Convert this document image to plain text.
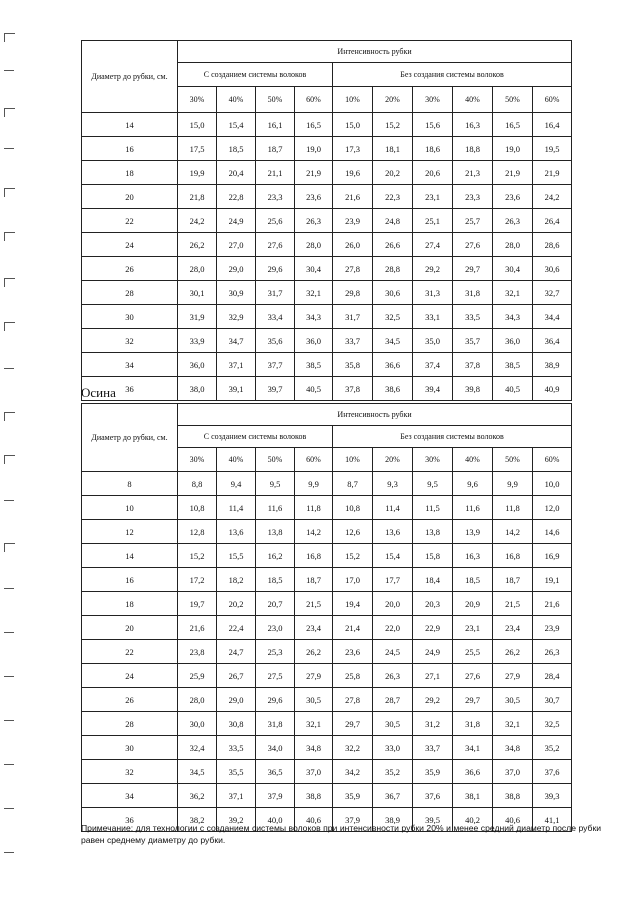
Диаметр до рубки, см.	Интенсивность рубки									
	С созданием системы волоков				Без создания системы волоков					
	30%	40%	50%	60%	10%	20%	30%	40%	50%	60%
14	15,0	15,4	16,1	16,5	15,0	15,2	15,6	16,3	16,5	16,4
16	17,5	18,5	18,7	19,0	17,3	18,1	18,6	18,8	19,0	19,5
18	19,9	20,4	21,1	21,9	19,6	20,2	20,6	21,3	21,9	21,9
20	21,8	22,8	23,3	23,6	21,6	22,3	23,1	23,3	23,6	24,2
22	24,2	24,9	25,6	26,3	23,9	24,8	25,1	25,7	26,3	26,4
24	26,2	27,0	27,6	28,0	26,0	26,6	27,4	27,6	28,0	28,6
26	28,0	29,0	29,6	30,4	27,8	28,8	29,2	29,7	30,4	30,6
28	30,1	30,9	31,7	32,1	29,8	30,6	31,3	31,8	32,1	32,7
30	31,9	32,9	33,4	34,3	31,7	32,5	33,1	33,5	34,3	34,4
32	33,9	34,7	35,6	36,0	33,7	34,5	35,0	35,7	36,0	36,4
34	36,0	37,1	37,7	38,5	35,8	36,6	37,4	37,8	38,5	38,9
36	38,0	39,1	39,7	40,5	37,8	38,6	39,4	39,8	40,5	40,9
Осина
Диаметр до рубки, см.	Интенсивность рубки									
	С созданием системы волоков				Без создания системы волоков					
	30%	40%	50%	60%	10%	20%	30%	40%	50%	60%
8	8,8	9,4	9,5	9,9	8,7	9,3	9,5	9,6	9,9	10,0
10	10,8	11,4	11,6	11,8	10,8	11,4	11,5	11,6	11,8	12,0
12	12,8	13,6	13,8	14,2	12,6	13,6	13,8	13,9	14,2	14,6
14	15,2	15,5	16,2	16,8	15,2	15,4	15,8	16,3	16,8	16,9
16	17,2	18,2	18,5	18,7	17,0	17,7	18,4	18,5	18,7	19,1
18	19,7	20,2	20,7	21,5	19,4	20,0	20,3	20,9	21,5	21,6
20	21,6	22,4	23,0	23,4	21,4	22,0	22,9	23,1	23,4	23,9
22	23,8	24,7	25,3	26,2	23,6	24,5	24,9	25,5	26,2	26,3
24	25,9	26,7	27,5	27,9	25,8	26,3	27,1	27,6	27,9	28,4
26	28,0	29,0	29,6	30,5	27,8	28,7	29,2	29,7	30,5	30,7
28	30,0	30,8	31,8	32,1	29,7	30,5	31,2	31,8	32,1	32,5
30	32,4	33,5	34,0	34,8	32,2	33,0	33,7	34,1	34,8	35,2
32	34,5	35,5	36,5	37,0	34,2	35,2	35,9	36,6	37,0	37,6
34	36,2	37,1	37,9	38,8	35,9	36,7	37,6	38,1	38,8	39,3
36	38,2	39,2	40,0	40,6	37,9	38,9	39,5	40,2	40,6	41,1
Примечание: для технологии с созданием системы волоков при интенсивности рубки 20% и менее средний диаметр после рубки равен среднему диаметру до рубки.
